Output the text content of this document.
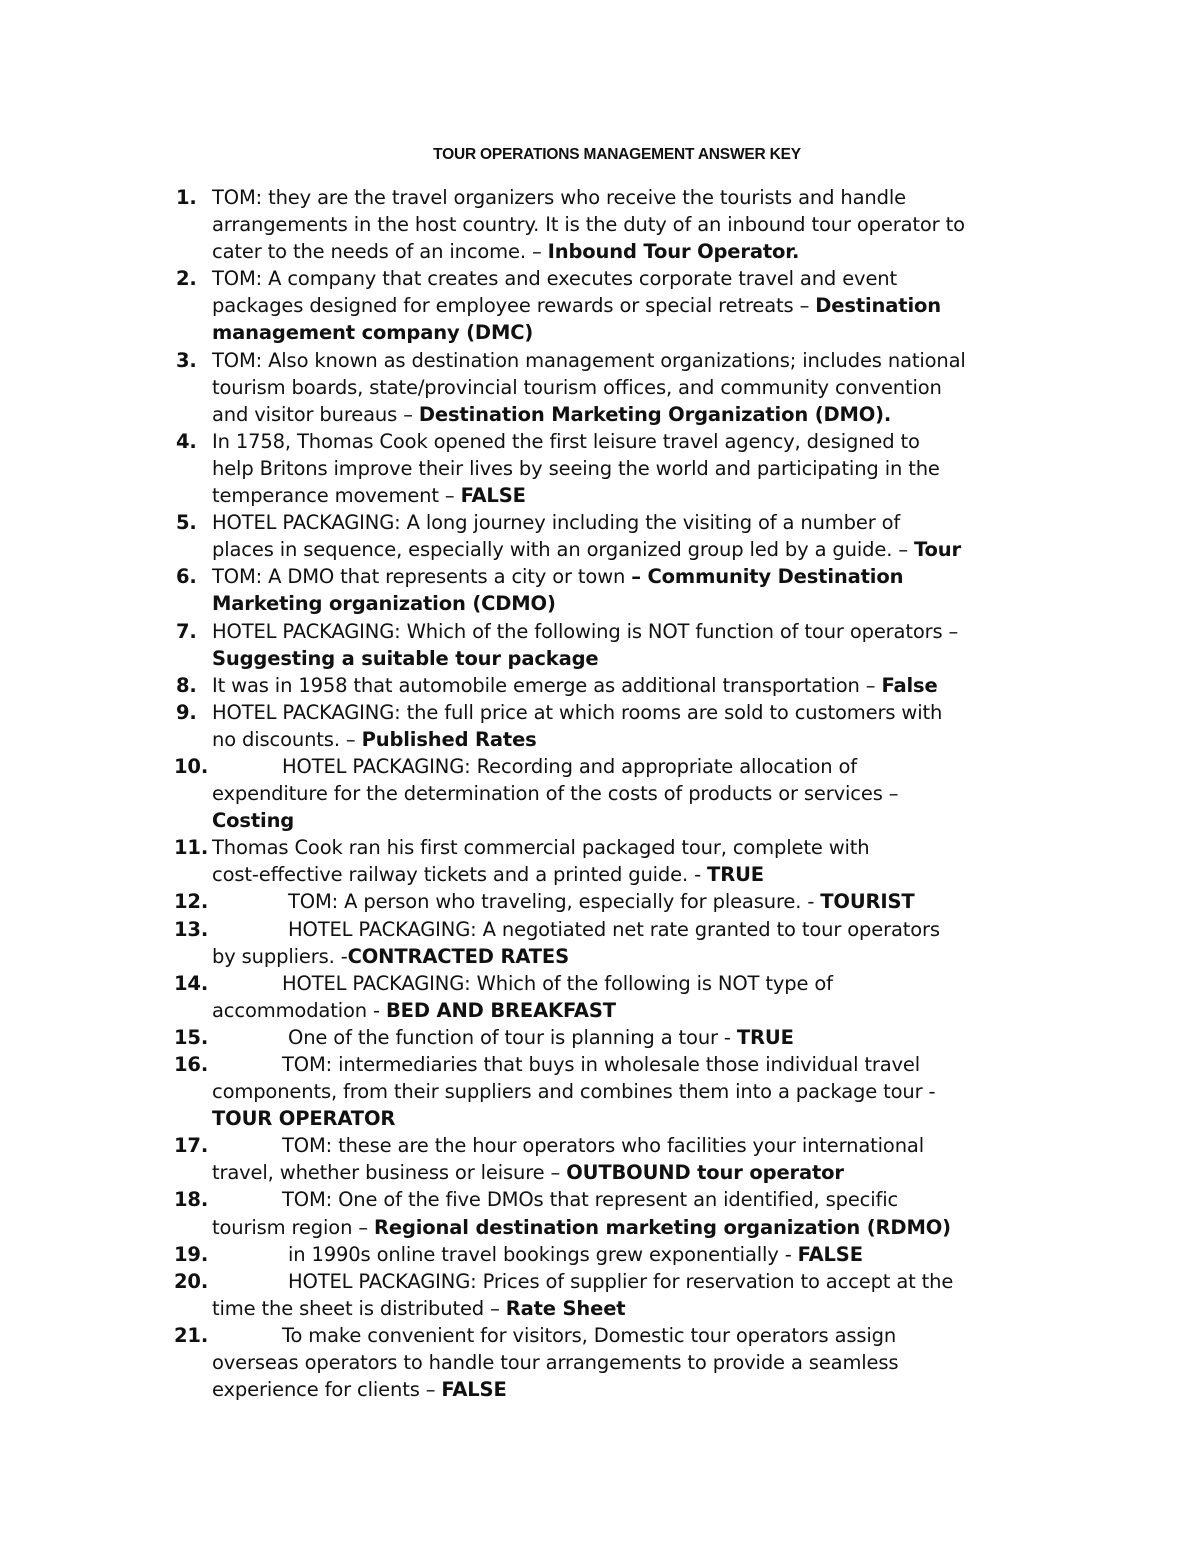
TOUR OPERATIONS MANAGEMENT ANSWER KEY
1. TOM: they are the travel organizers who receive the tourists and handle
arrangements in the host country. It is the duty of an inbound tour operator to
cater to the needs of an income. – Inbound Tour Operator.
2. TOM: A company that creates and executes corporate travel and event
packages designed for employee rewards or special retreats – Destination
management company (DMC)
3. TOM: Also known as destination management organizations; includes national
tourism boards, state/provincial tourism offices, and community convention
and visitor bureaus – Destination Marketing Organization (DMO).
4. In 1758, Thomas Cook opened the first leisure travel agency, designed to
help Britons improve their lives by seeing the world and participating in the
temperance movement – FALSE
5. HOTEL PACKAGING: A long journey including the visiting of a number of
places in sequence, especially with an organized group led by a guide. – Tour
6. TOM: A DMO that represents a city or town – Community Destination
Marketing organization (CDMO)
7. HOTEL PACKAGING: Which of the following is NOT function of tour operators –
Suggesting a suitable tour package
8. It was in 1958 that automobile emerge as additional transportation – False
9. HOTEL PACKAGING: the full price at which rooms are sold to customers with
no discounts. – Published Rates
10.	HOTEL PACKAGING: Recording and appropriate allocation of
expenditure for the determination of the costs of products or services –
Costing
11. Thomas Cook ran his first commercial packaged tour, complete with
cost-effective railway tickets and a printed guide. - TRUE
12.	TOM: A person who traveling, especially for pleasure. - TOURIST
13.	HOTEL PACKAGING: A negotiated net rate granted to tour operators
by suppliers. -CONTRACTED RATES
14.	HOTEL PACKAGING: Which of the following is NOT type of
accommodation - BED AND BREAKFAST
15.	One of the function of tour is planning a tour - TRUE
16.	TOM: intermediaries that buys in wholesale those individual travel
components, from their suppliers and combines them into a package tour -
TOUR OPERATOR
17.	TOM: these are the hour operators who facilities your international
travel, whether business or leisure – OUTBOUND tour operator
18.	TOM: One of the five DMOs that represent an identified, specific
tourism region – Regional destination marketing organization (RDMO)
19.	in 1990s online travel bookings grew exponentially - FALSE
20.	HOTEL PACKAGING: Prices of supplier for reservation to accept at the
time the sheet is distributed – Rate Sheet
21.	To make convenient for visitors, Domestic tour operators assign
overseas operators to handle tour arrangements to provide a seamless
experience for clients – FALSE
